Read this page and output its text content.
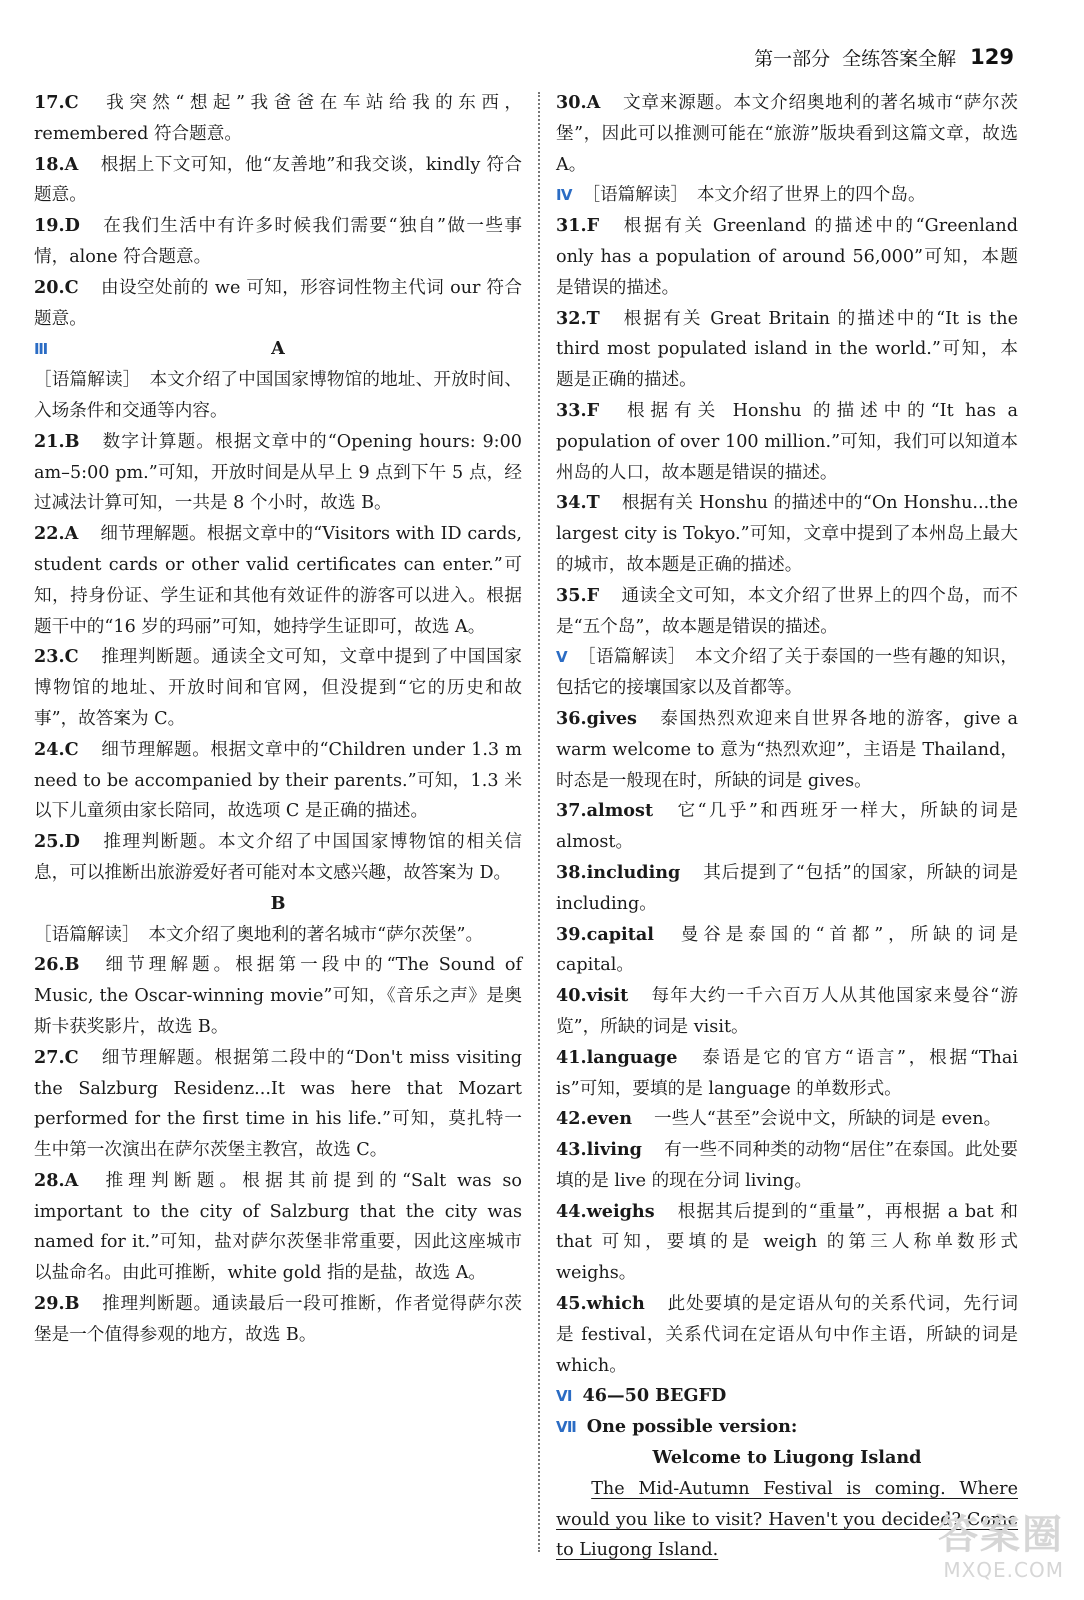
第一部分 全练答案全解 129

17.C 我突然“想起”我爸爸在车站给我的东西，remembered 符合题意。

18.A 根据上下文可知，他“友善地”和我交谈，kindly 符合题意。

19.D 在我们生活中有许多时候我们需要“独自”做一些事情，alone 符合题意。

20.C 由设空处前的 we 可知，形容词性物主代词 our 符合题意。

Ⅲ	A

［语篇解读］　本文介绍了中国国家博物馆的地址、开放时间、入场条件和交通等内容。

21.B 数字计算题。根据文章中的“Opening hours: 9:00 am–5:00 pm.”可知，开放时间是从早上 9 点到下午 5 点，经过减法计算可知，一共是 8 个小时，故选 B。

22.A 细节理解题。根据文章中的“Visitors with ID cards, student cards or other valid certificates can enter.”可知，持身份证、学生证和其他有效证件的游客可以进入。根据题干中的“16 岁的玛丽”可知，她持学生证即可，故选 A。

23.C 推理判断题。通读全文可知，文章中提到了中国国家博物馆的地址、开放时间和官网，但没提到“它的历史和故事”，故答案为 C。

24.C 细节理解题。根据文章中的“Children under 1.3 m need to be accompanied by their parents.”可知，1.3 米以下儿童须由家长陪同，故选项 C 是正确的描述。

25.D 推理判断题。本文介绍了中国国家博物馆的相关信息，可以推断出旅游爱好者可能对本文感兴趣，故答案为 D。

B

［语篇解读］　本文介绍了奥地利的著名城市“萨尔茨堡”。

26.B 细节理解题。根据第一段中的“The Sound of Music, the Oscar-winning movie”可知，《音乐之声》是奥斯卡获奖影片，故选 B。

27.C 细节理解题。根据第二段中的“Don't miss visiting the Salzburg Residenz...It was here that Mozart performed for the first time in his life.”可知，莫扎特一生中第一次演出在萨尔茨堡主教宫，故选 C。

28.A 推理判断题。根据其前提到的“Salt was so important to the city of Salzburg that the city was named for it.”可知，盐对萨尔茨堡非常重要，因此这座城市以盐命名。由此可推断，white gold 指的是盐，故选 A。

29.B 推理判断题。通读最后一段可推断，作者觉得萨尔茨堡是一个值得参观的地方，故选 B。

30.A 文章来源题。本文介绍奥地利的著名城市“萨尔茨堡”，因此可以推测可能在“旅游”版块看到这篇文章，故选 A。

Ⅳ ［语篇解读］　本文介绍了世界上的四个岛。

31.F 根据有关 Greenland 的描述中的“Greenland only has a population of around 56,000”可知，本题是错误的描述。

32.T 根据有关 Great Britain 的描述中的“It is the third most populated island in the world.”可知，本题是正确的描述。

33.F 根据有关 Honshu 的描述中的“It has a population of over 100 million.”可知，我们可以知道本州岛的人口，故本题是错误的描述。

34.T 根据有关 Honshu 的描述中的“On Honshu...the largest city is Tokyo.”可知，文章中提到了本州岛上最大的城市，故本题是正确的描述。

35.F 通读全文可知，本文介绍了世界上的四个岛，而不是“五个岛”，故本题是错误的描述。

Ⅴ ［语篇解读］　本文介绍了关于泰国的一些有趣的知识，包括它的接壤国家以及首都等。

36.gives 泰国热烈欢迎来自世界各地的游客，give a warm welcome to 意为“热烈欢迎”，主语是 Thailand，时态是一般现在时，所缺的词是 gives。

37.almost 它“几乎”和西班牙一样大，所缺的词是 almost。

38.including 其后提到了“包括”的国家，所缺的词是 including。

39.capital 曼谷是泰国的“首都”，所缺的词是 capital。

40.visit 每年大约一千六百万人从其他国家来曼谷“游览”，所缺的词是 visit。

41.language 泰语是它的官方“语言”，根据“Thai is”可知，要填的是 language 的单数形式。

42.even 一些人“甚至”会说中文，所缺的词是 even。

43.living 有一些不同种类的动物“居住”在泰国。此处要填的是 live 的现在分词 living。

44.weighs 根据其后提到的“重量”，再根据 a bat 和 that 可知，要填的是 weigh 的第三人称单数形式 weighs。

45.which 此处要填的是定语从句的关系代词，先行词是 festival，关系代词在定语从句中作主语，所缺的词是 which。

Ⅵ 46—50 BEGFD

Ⅶ One possible version:

Welcome to Liugong Island

The Mid-Autumn Festival is coming. Where would you like to visit? Haven't you decided? Come to Liugong Island.	答案圈
MXQE.COM
